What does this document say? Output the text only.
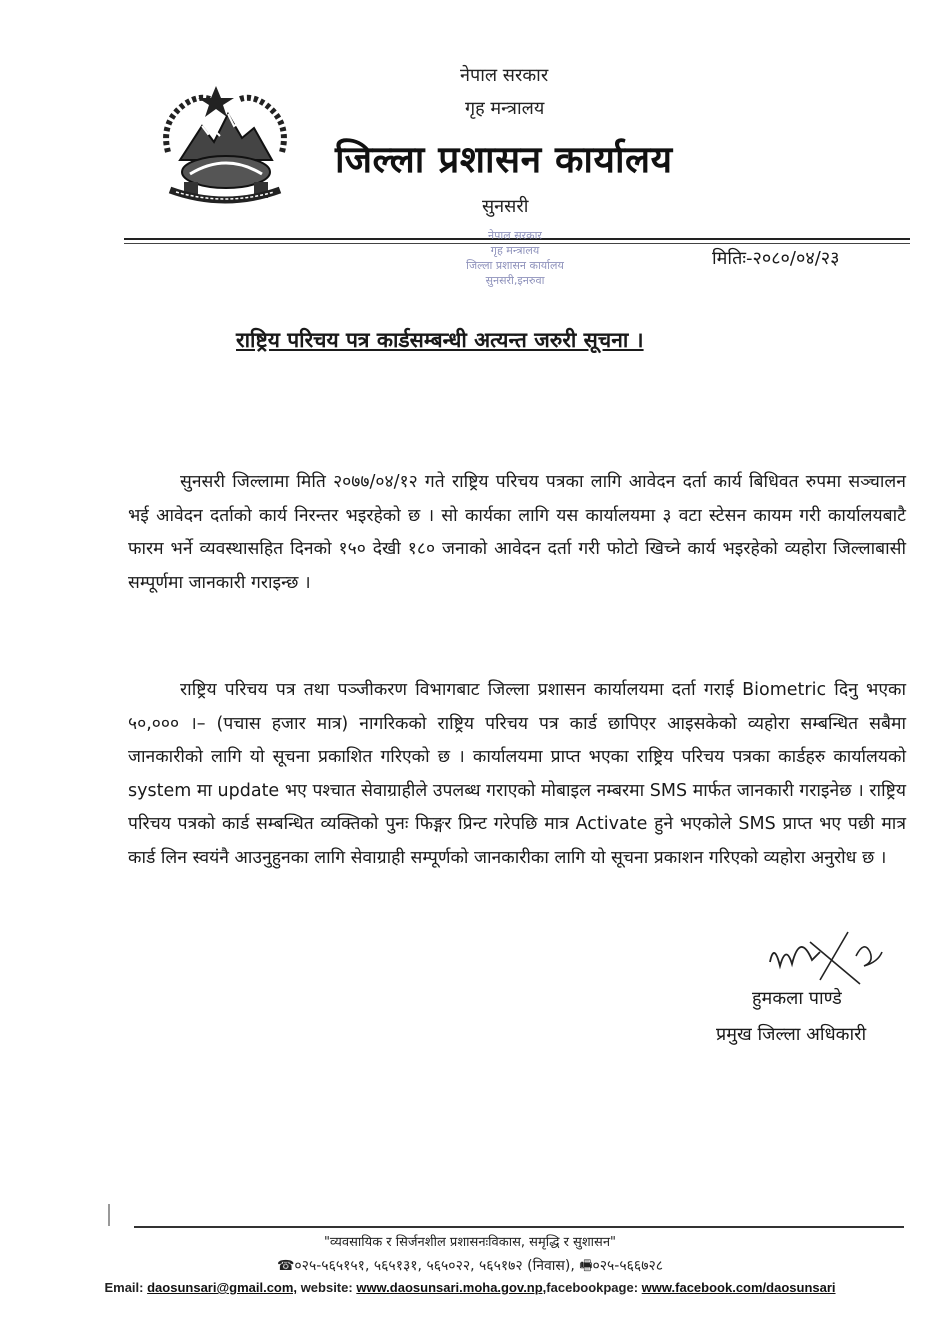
नेपाल सरकार
गृह मन्त्रालय
जिल्ला प्रशासन कार्यालय
सुनसरी
नेपाल सरकार
गृह मन्त्रालय
जिल्ला प्रशासन कार्यालय
सुनसरी,इनरुवा
मितिः-२०८०/०४/२३
राष्ट्रिय परिचय पत्र कार्डसम्बन्धी अत्यन्त जरुरी सूचना ।
सुनसरी जिल्लामा मिति २०७७/०४/१२ गते राष्ट्रिय परिचय पत्रका लागि आवेदन दर्ता कार्य बिधिवत रुपमा सञ्चालन भई आवेदन दर्ताको कार्य निरन्तर भइरहेको छ । सो कार्यका लागि यस कार्यालयमा ३ वटा स्टेसन कायम गरी कार्यालयबाटै फारम भर्ने व्यवस्थासहित दिनको १५० देखी १८० जनाको आवेदन दर्ता गरी फोटो खिच्ने कार्य भइरहेको व्यहोरा जिल्लाबासी सम्पूर्णमा जानकारी गराइन्छ ।
राष्ट्रिय परिचय पत्र तथा पञ्जीकरण विभागबाट जिल्ला प्रशासन कार्यालयमा दर्ता गराई Biometric दिनु भएका ५०,००० ।– (पचास हजार मात्र) नागरिकको राष्ट्रिय परिचय पत्र कार्ड छापिएर आइसकेको व्यहोरा सम्बन्धित सबैमा जानकारीको लागि यो सूचना प्रकाशित गरिएको छ । कार्यालयमा प्राप्त भएका राष्ट्रिय परिचय पत्रका कार्डहरु कार्यालयको system मा update भए पश्चात सेवाग्राहीले उपलब्ध गराएको मोबाइल नम्बरमा SMS मार्फत जानकारी गराइनेछ । राष्ट्रिय परिचय पत्रको कार्ड सम्बन्धित व्यक्तिको पुनः फिङ्गर प्रिन्ट गरेपछि मात्र Activate हुने भएकोले SMS प्राप्त भए पछी मात्र कार्ड लिन स्वयंनै आउनुहुनका लागि सेवाग्राही सम्पूर्णको जानकारीका लागि यो सूचना प्रकाशन गरिएको व्यहोरा अनुरोध छ ।
हुमकला पाण्डे
प्रमुख जिल्ला अधिकारी
"व्यवसायिक र सिर्जनशील प्रशासनःविकास, समृद्धि र सुशासन"
☎०२५-५६५१५१, ५६५१३१, ५६५०२२, ५६५१७२ (निवास), 🖷०२५-५६६७२८
Email: daosunsari@gmail.com, website: www.daosunsari.moha.gov.np,facebookpage: www.facebook.com/daosunsari
